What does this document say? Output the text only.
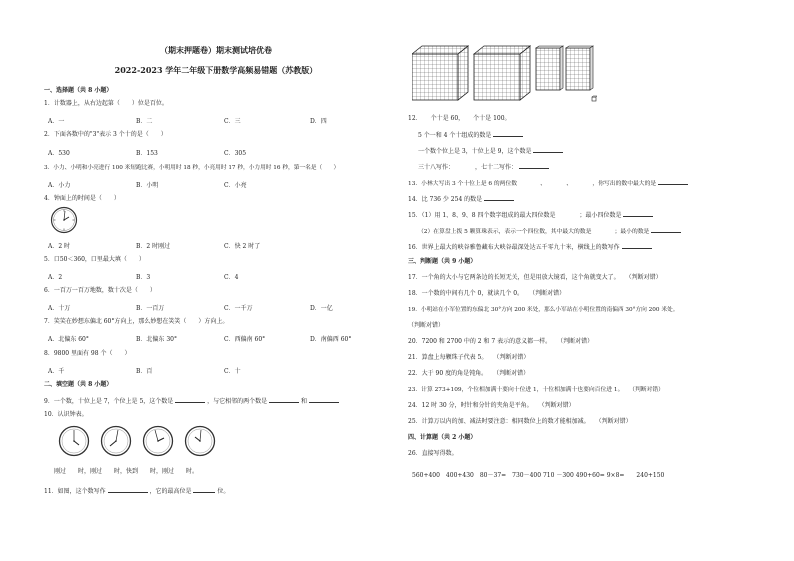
（期末押题卷）期末测试培优卷
2022-2023 学年二年级下册数学高频易错题（苏教版）
一、选择题（共 8 小题）
1．计数器上，从右边起第（　　）位是百位。
A．一	B．二	C．三	D．四
2．下面各数中的"3"表示 3 个十的是（　　）
A．530	B．153	C．305
3．小力、小明和小亮进行 100 米短跑比赛，小明用时 18 秒，小亮用时 17 秒，小力用时 16 秒，第一名是（　　）
A．小力	B．小明	C．小亮
4．钟面上的时间是（　　）
A．2 时	B．2 时刚过	C．快 2 时了
5．口50＜360，口里最大填（　　）
A．2	B．3	C．4
6．一百万一百万地数，数十次是（　　）
A．十万	B．一百万	C．一千万	D．一亿
7．笑笑在妙想东偏北 60°方向上，那么妙想在笑笑（　　）方向上。
A．北偏东 60°	B．北偏东 30°	C．西偏南 60°	D．南偏西 60°
8．9800 里面有 98 个（　　）
A．千	B．百	C．十
二、填空题（共 8 小题）
9．一个数，十位上是 7，个位上是 5，这个数是	，与它相邻的两个数是	和
10．认识钟表。
刚过　　时，刚过　　时，快到　　时，刚过　　时。
11．如图，这个数写作	，它的最高位是	位。
12．　　个十是 60，　　个十是 100。
5 个一和 4 个十组成的数是
一个数个位上是 3，十位上是 9，这个数是
三十八写作：　　　　，七十二写作：
13．小林大写出 3 个十位上是 6 的两位数　　　　、　　　　、　　　　，你写出的数中最大的是
14．比 736 少 254 的数是
15．（1）用 1、8、9、8 四个数字组成的最大四位数是　　　　；最小四位数是
（2）在算盘上拨 5 颗算珠表示，表示一个四位数，其中最大的数是　　　　；最小的数是
16．世界上最大的峡谷雅鲁藏布大峡谷最深处达五千零九十米，横线上的数写作
三、判断题（共 9 小题）
17．一个角的大小与它两条边的长短无关，但是用放大镜看，这个角就变大了。　　（判断对错）
18．一个数的中间有几个 0，就读几个 0。　　（判断对错）
19．小明站在小军位置的东偏北 30°方向 200 米处，那么小军站在小明位置的南偏西 30°方向 200 米处。
（判断对错）
20．7200 和 2700 中的 2 和 7 表示的意义都一样。　　（判断对错）
21．算盘上每颗珠子代表 5。　　（判断对错）
22．大于 90 度的角是钝角。　　（判断对错）
23．计算 273+109，个位相加满十要向十位进 1，十位相加满十也要向百位进 1。　　（判断对错）
24．12 时 30 分，时针和分针的夹角是平角。　　（判断对错）
25．计算万以内的加、减法时要注意：相同数位上的数才能相加减。　　（判断对错）
四、计算题（共 2 小题）
26．直接写得数。
560+400　400+430　80－37=　730－400 710 －300 490+60= 9×8=　　240+150
